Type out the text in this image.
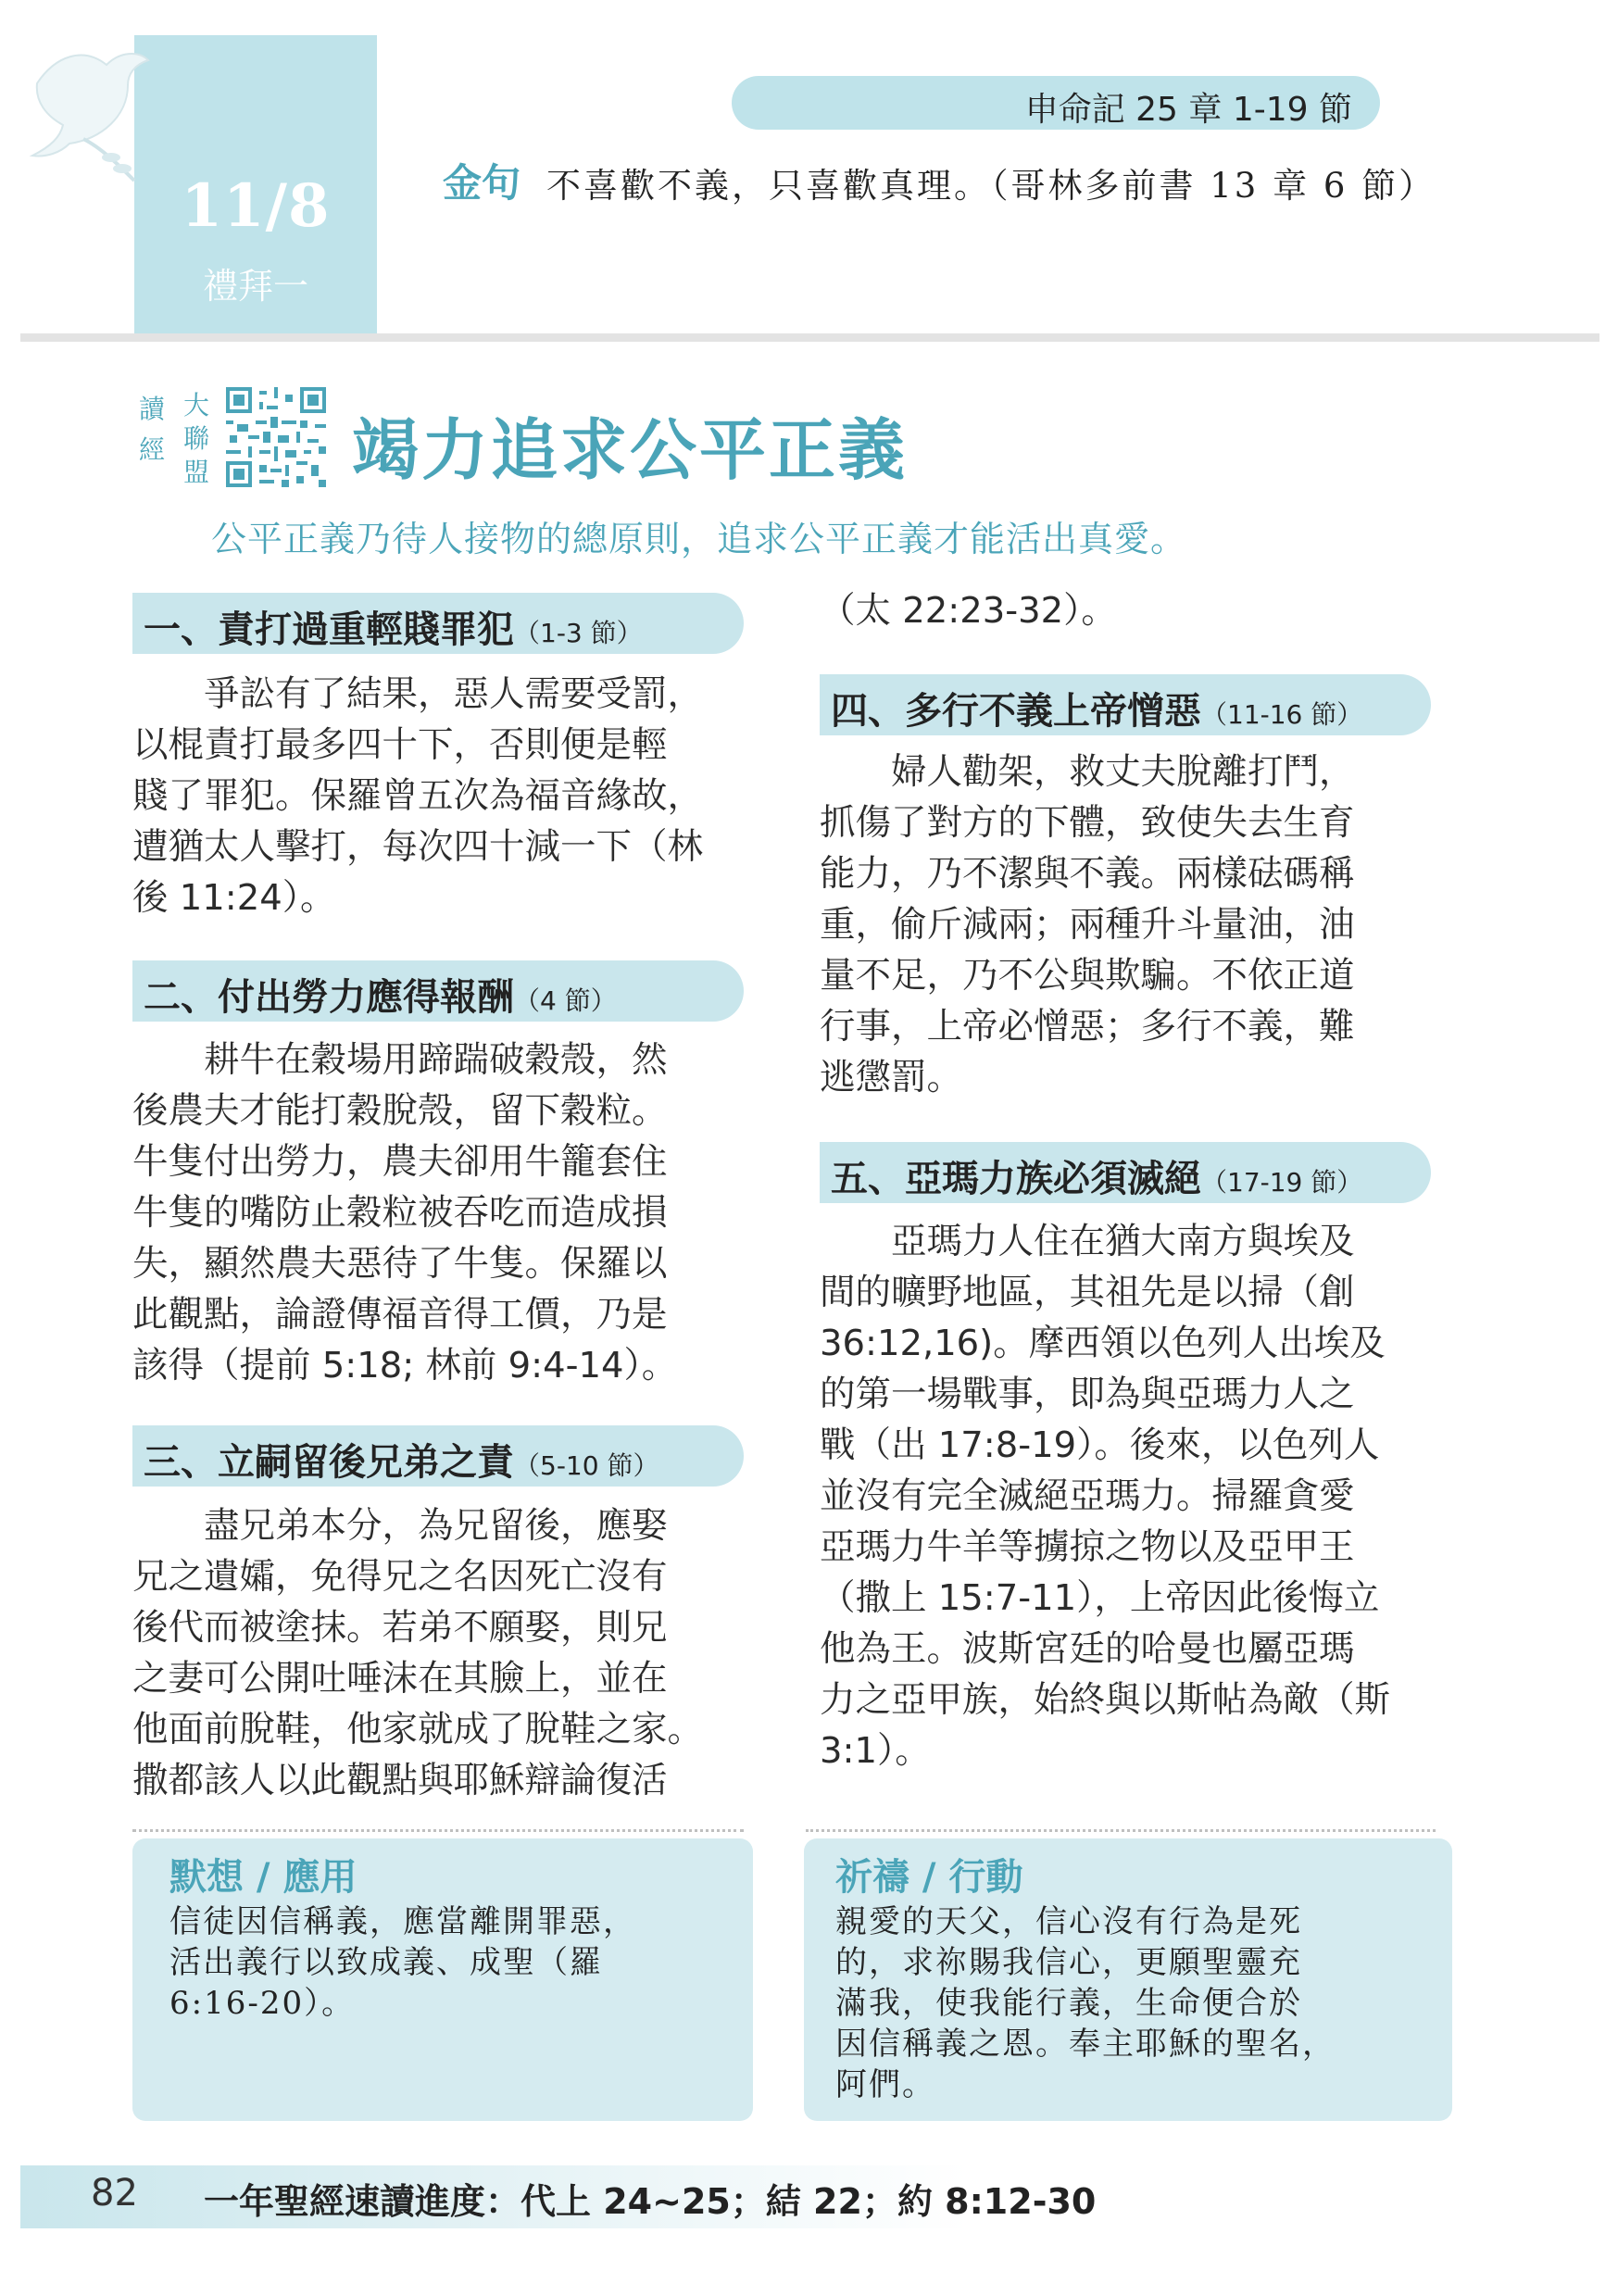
11/8
禮拜一
申命記 25 章 1-19 節
金句 不喜歡不義，只喜歡真理。（哥林多前書 13 章 6 節）
讀經
大聯盟 竭力追求公平正義
公平正義乃待人接物的總原則，追求公平正義才能活出真愛。
一、責打過重輕賤罪犯（1-3 節）
　　爭訟有了結果，惡人需要受罰，
以棍責打最多四十下，否則便是輕
賤了罪犯。保羅曾五次為福音緣故，
遭猶太人擊打，每次四十減一下（林
後 11:24）。
二、付出勞力應得報酬（4 節）
　　耕牛在穀場用蹄踹破穀殼，然
後農夫才能打穀脫殼，留下穀粒。
牛隻付出勞力，農夫卻用牛籠套住
牛隻的嘴防止穀粒被吞吃而造成損
失，顯然農夫惡待了牛隻。保羅以
此觀點，論證傳福音得工價，乃是
該得（提前 5:18; 林前 9:4-14）。
三、立嗣留後兄弟之責（5-10 節）
　　盡兄弟本分，為兄留後，應娶
兄之遺孀，免得兄之名因死亡沒有
後代而被塗抹。若弟不願娶，則兄
之妻可公開吐唾沫在其臉上，並在
他面前脫鞋，他家就成了脫鞋之家。
撒都該人以此觀點與耶穌辯論復活
（太 22:23-32）。
四、多行不義上帝憎惡（11-16 節）
　　婦人勸架，救丈夫脫離打鬥，
抓傷了對方的下體，致使失去生育
能力，乃不潔與不義。兩樣砝碼稱
重，偷斤減兩；兩種升斗量油，油
量不足，乃不公與欺騙。不依正道
行事，上帝必憎惡；多行不義，難
逃懲罰。
五、亞瑪力族必須滅絕（17-19 節）
　　亞瑪力人住在猶大南方與埃及
間的曠野地區，其祖先是以掃（創
36:12,16)。摩西領以色列人出埃及
的第一場戰事，即為與亞瑪力人之
戰（出 17:8-19）。後來，以色列人
並沒有完全滅絕亞瑪力。掃羅貪愛
亞瑪力牛羊等擄掠之物以及亞甲王
（撒上 15:7-11），上帝因此後悔立
他為王。波斯宮廷的哈曼也屬亞瑪
力之亞甲族，始終與以斯帖為敵（斯
3:1）。
默想 / 應用
信徒因信稱義，應當離開罪惡，
活出義行以致成義、成聖（羅
6:16-20）。
祈禱 / 行動
親愛的天父，信心沒有行為是死
的，求祢賜我信心，更願聖靈充
滿我，使我能行義，生命便合於
因信稱義之恩。奉主耶穌的聖名，
阿們。
82 一年聖經速讀進度：代上 24~25；結 22；約 8:12-30
